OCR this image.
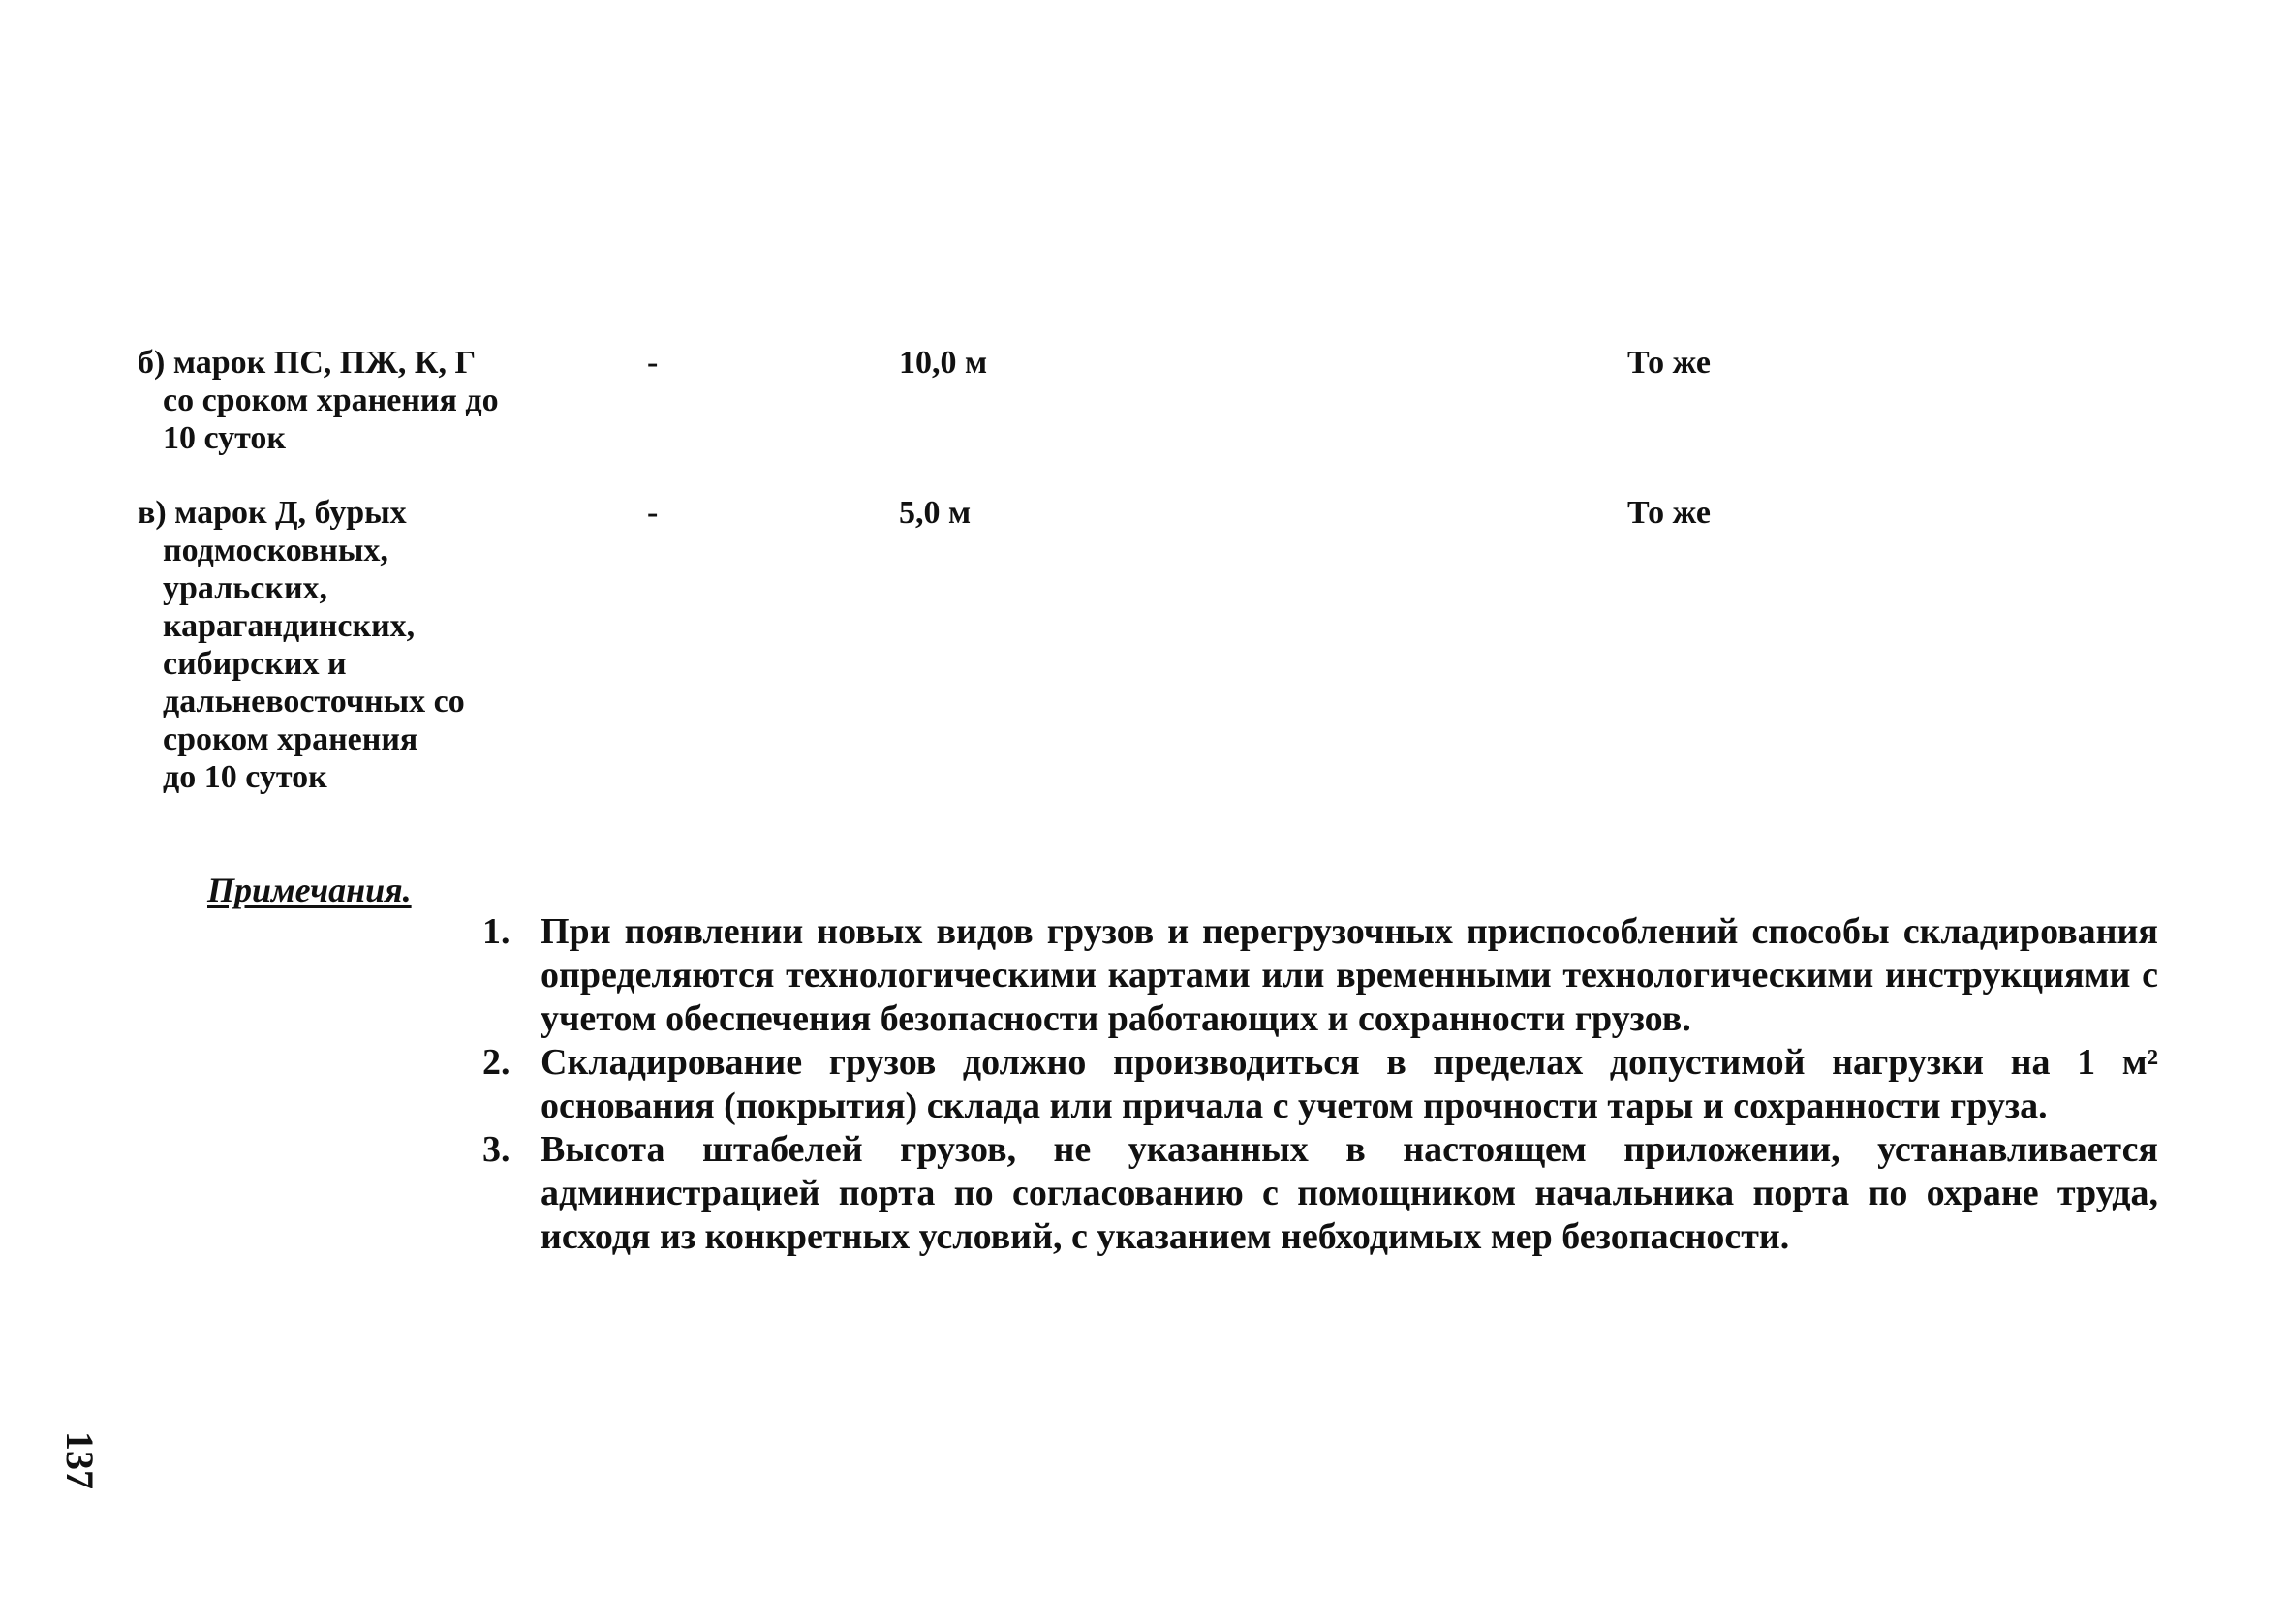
б) марок ПС, ПЖ, К, Г
со сроком хранения до
10 суток
-	10,0 м	То же
в) марок Д, бурых
подмосковных,
уральских,
карагандинских,
сибирских и
дальневосточных со
сроком хранения
до 10 суток
-	5,0 м	То же
Примечания.
1. При появлении новых видов грузов и перегрузочных приспособлений способы складирования определяются технологическими картами или временными технологическими инструкциями с учетом обеспечения безопасности работающих и сохранности грузов.
2. Складирование грузов должно производиться в пределах допустимой нагрузки на 1 м² основания (покрытия) склада или причала с учетом прочности тары и сохранности груза.
3. Высота штабелей грузов, не указанных в настоящем приложении, устанавливается администрацией порта по согласованию с помощником начальника порта по охране труда, исходя из конкретных условий, с указанием небходимых мер безопасности.
137
